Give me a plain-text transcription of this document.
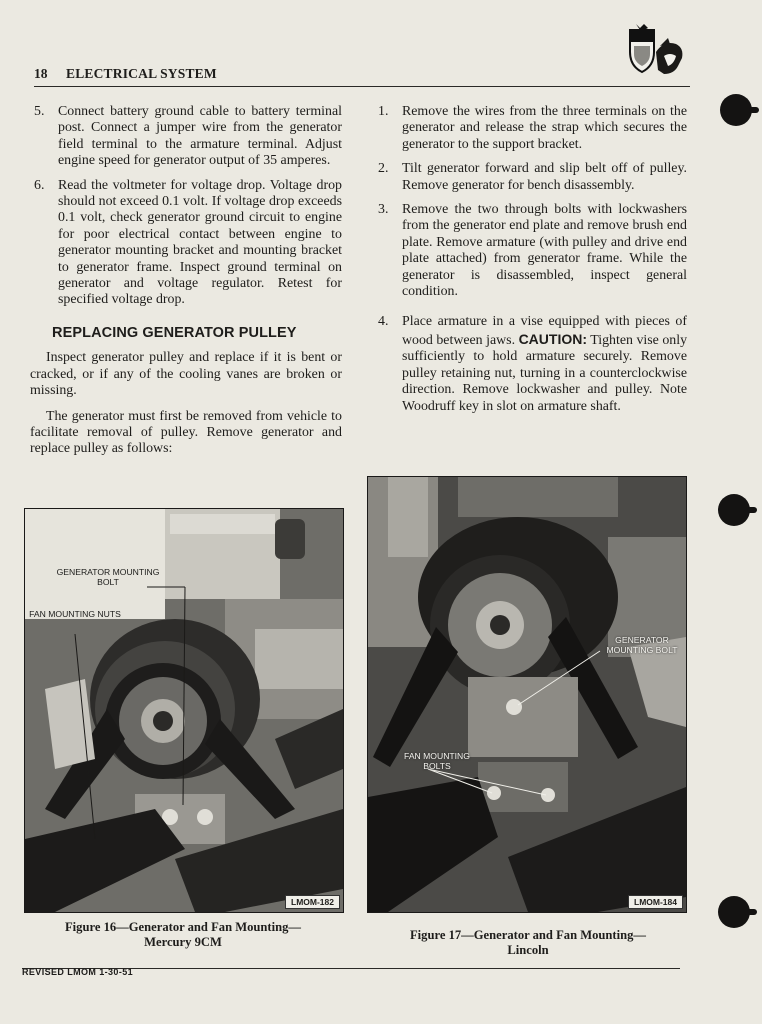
18 ELECTRICAL SYSTEM
5. Connect battery ground cable to battery terminal post. Connect a jumper wire from the generator field terminal to the armature terminal. Adjust engine speed for generator output of 35 amperes.
6. Read the voltmeter for voltage drop. Voltage drop should not exceed 0.1 volt. If voltage drop exceeds 0.1 volt, check generator ground circuit to engine for poor electrical contact between engine to generator mounting bracket and mounting bracket to generator frame. Inspect ground terminal on generator and voltage regulator. Retest for specified voltage drop.
REPLACING GENERATOR PULLEY

Inspect generator pulley and replace if it is bent or cracked, or if any of the cooling vanes are broken or missing.

The generator must first be removed from vehicle to facilitate removal of pulley. Remove generator and replace pulley as follows:

1. Remove the wires from the three terminals on the generator and release the strap which secures the generator to the support bracket.
2. Tilt generator forward and slip belt off of pulley. Remove generator for bench disassembly.
3. Remove the two through bolts with lockwashers from the generator end plate and remove brush end plate. Remove armature (with pulley and drive end plate attached) from generator frame. While the generator is disassembled, inspect general condition.
4. Place armature in a vise equipped with pieces of wood between jaws. CAUTION: Tighten vise only sufficiently to hold armature securely. Remove pulley retaining nut, turning in a counterclockwise direction. Remove lockwasher and pulley. Note Woodruff key in slot on armature shaft.
GENERATOR MOUNTING BOLT
FAN MOUNTING NUTS
LMOM-182
GENERATOR MOUNTING BOLT
FAN MOUNTING BOLTS
LMOM-184
Figure 16—Generator and Fan Mounting—
Mercury 9CM	Figure 17—Generator and Fan Mounting—
Lincoln
REVISED LMOM 1-30-51
